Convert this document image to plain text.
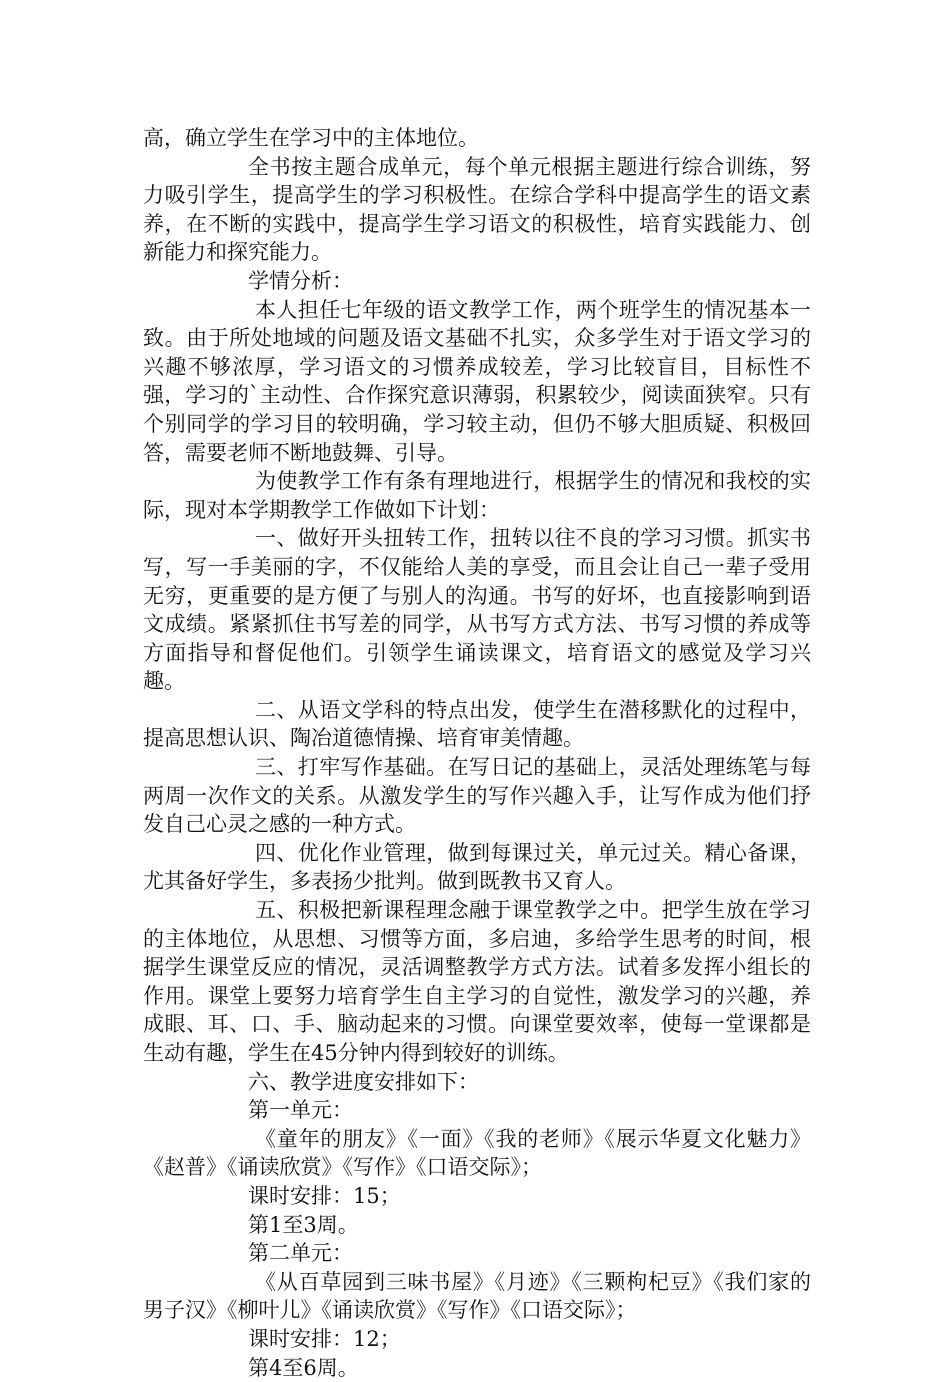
高，确立学生在学习中的主体地位。

全书按主题合成单元，每个单元根据主题进行综合训练，努力吸引学生，提高学生的学习积极性。在综合学科中提高学生的语文素养，在不断的实践中，提高学生学习语文的积极性，培育实践能力、创新能力和探究能力。

学情分析：

本人担任七年级的语文教学工作，两个班学生的情况基本一致。由于所处地域的问题及语文基础不扎实，众多学生对于语文学习的兴趣不够浓厚，学习语文的习惯养成较差，学习比较盲目，目标性不强，学习的`主动性、合作探究意识薄弱，积累较少，阅读面狭窄。只有个别同学的学习目的较明确，学习较主动，但仍不够大胆质疑、积极回答，需要老师不断地鼓舞、引导。

为使教学工作有条有理地进行，根据学生的情况和我校的实际，现对本学期教学工作做如下计划：

一、做好开头扭转工作，扭转以往不良的学习习惯。抓实书写，写一手美丽的字，不仅能给人美的享受，而且会让自己一辈子受用无穷，更重要的是方便了与别人的沟通。书写的好坏，也直接影响到语文成绩。紧紧抓住书写差的同学，从书写方式方法、书写习惯的养成等方面指导和督促他们。引领学生诵读课文，培育语文的感觉及学习兴趣。

二、从语文学科的特点出发，使学生在潜移默化的过程中，提高思想认识、陶冶道德情操、培育审美情趣。

三、打牢写作基础。在写日记的基础上，灵活处理练笔与每两周一次作文的关系。从激发学生的写作兴趣入手，让写作成为他们抒发自己心灵之感的一种方式。

四、优化作业管理，做到每课过关，单元过关。精心备课，尤其备好学生，多表扬少批判。做到既教书又育人。

五、积极把新课程理念融于课堂教学之中。把学生放在学习的主体地位，从思想、习惯等方面，多启迪，多给学生思考的时间，根据学生课堂反应的情况，灵活调整教学方式方法。试着多发挥小组长的作用。课堂上要努力培育学生自主学习的自觉性，激发学习的兴趣，养成眼、耳、口、手、脑动起来的习惯。向课堂要效率，使每一堂课都是生动有趣，学生在45分钟内得到较好的训练。

六、教学进度安排如下：

第一单元：

《童年的朋友》《一面》《我的老师》《展示华夏文化魅力》《赵普》《诵读欣赏》《写作》《口语交际》；

课时安排：15；

第1至3周。

第二单元：

《从百草园到三味书屋》《月迹》《三颗枸杞豆》《我们家的男子汉》《柳叶儿》《诵读欣赏》《写作》《口语交际》；

课时安排：12；

第4至6周。
